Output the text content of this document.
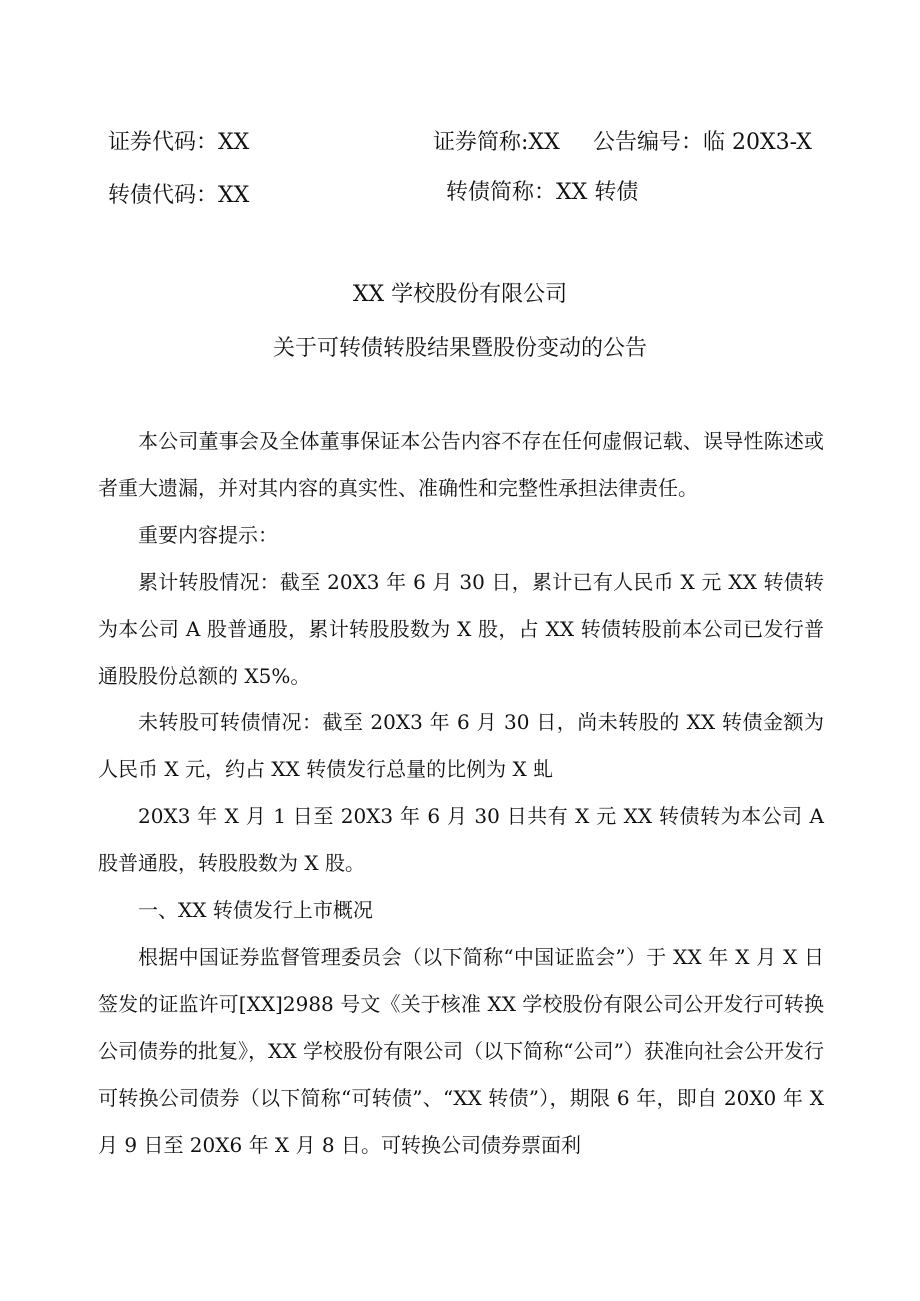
证券代码：XX	证券简称:XX 公告编号：临 20X3-X
转债代码：XX	转债简称：XX 转债
XX 学校股份有限公司
关于可转债转股结果暨股份变动的公告

本公司董事会及全体董事保证本公告内容不存在任何虚假记载、误导性陈述或者重大遗漏，并对其内容的真实性、准确性和完整性承担法律责任。

重要内容提示：

累计转股情况：截至 20X3 年 6 月 30 日，累计已有人民币 X 元 XX 转债转为本公司 A 股普通股，累计转股股数为 X 股，占 XX 转债转股前本公司已发行普通股股份总额的 X5%。

未转股可转债情况：截至 20X3 年 6 月 30 日，尚未转股的 XX 转债金额为人民币 X 元，约占 XX 转债发行总量的比例为 X 虬

20X3 年 X 月 1 日至 20X3 年 6 月 30 日共有 X 元 XX 转债转为本公司 A 股普通股，转股股数为 X 股。

一、XX 转债发行上市概况

根据中国证券监督管理委员会（以下简称“中国证监会”）于 XX 年 X 月 X 日签发的证监许可[XX]2988 号文《关于核准 XX 学校股份有限公司公开发行可转换公司债券的批复》，XX 学校股份有限公司（以下简称“公司”）获准向社会公开发行可转换公司债券（以下简称“可转债”、“XX 转债”），期限 6 年，即自 20X0 年 X 月 9 日至 20X6 年 X 月 8 日。可转换公司债券票面利
